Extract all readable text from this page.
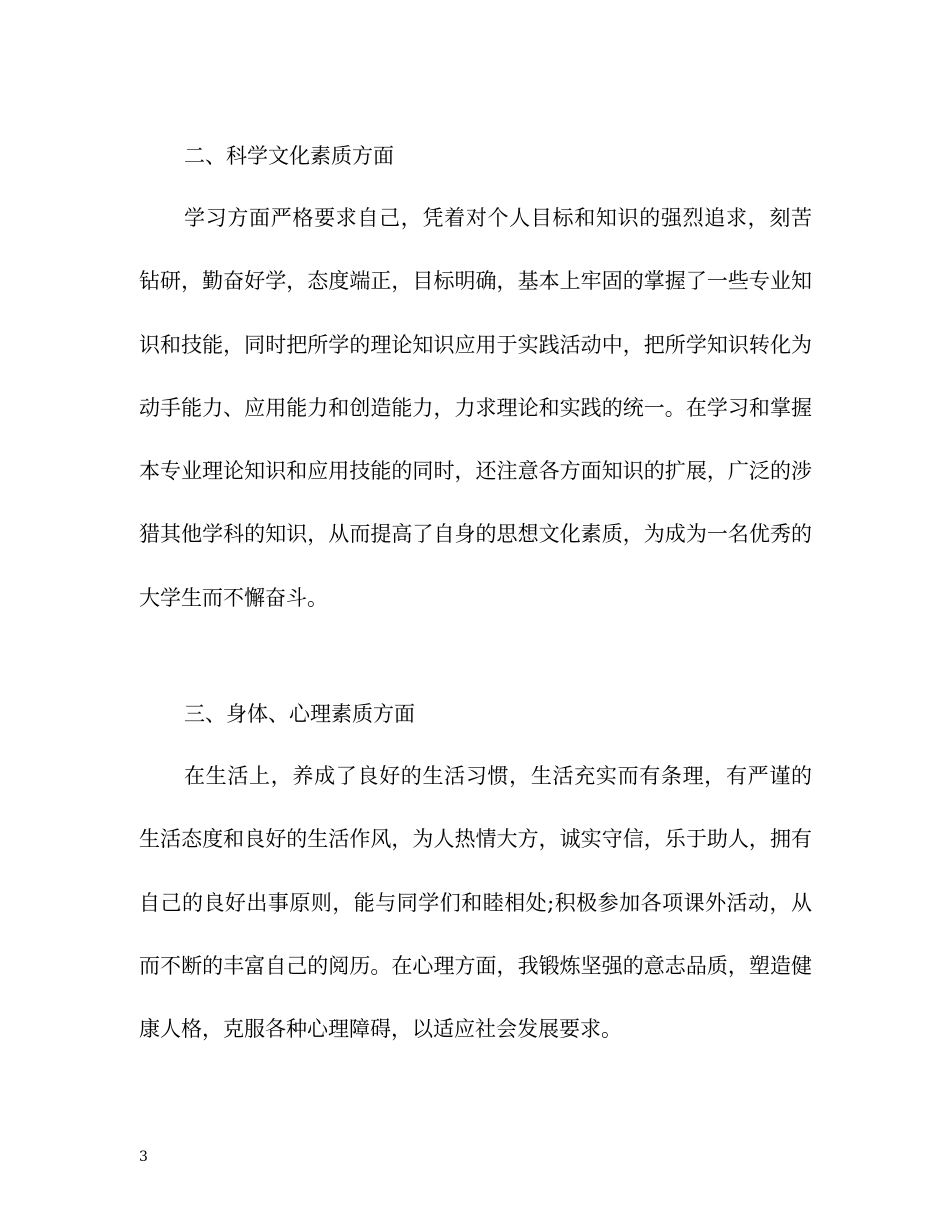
二、科学文化素质方面
学习方面严格要求自己，凭着对个人目标和知识的强烈追求，刻苦钻研，勤奋好学，态度端正，目标明确，基本上牢固的掌握了一些专业知识和技能，同时把所学的理论知识应用于实践活动中，把所学知识转化为动手能力、应用能力和创造能力，力求理论和实践的统一。在学习和掌握本专业理论知识和应用技能的同时，还注意各方面知识的扩展，广泛的涉猎其他学科的知识，从而提高了自身的思想文化素质，为成为一名优秀的大学生而不懈奋斗。
三、身体、心理素质方面
在生活上，养成了良好的生活习惯，生活充实而有条理，有严谨的生活态度和良好的生活作风，为人热情大方，诚实守信，乐于助人，拥有自己的良好出事原则，能与同学们和睦相处;积极参加各项课外活动，从而不断的丰富自己的阅历。在心理方面，我锻炼坚强的意志品质，塑造健康人格，克服各种心理障碍，以适应社会发展要求。
3
